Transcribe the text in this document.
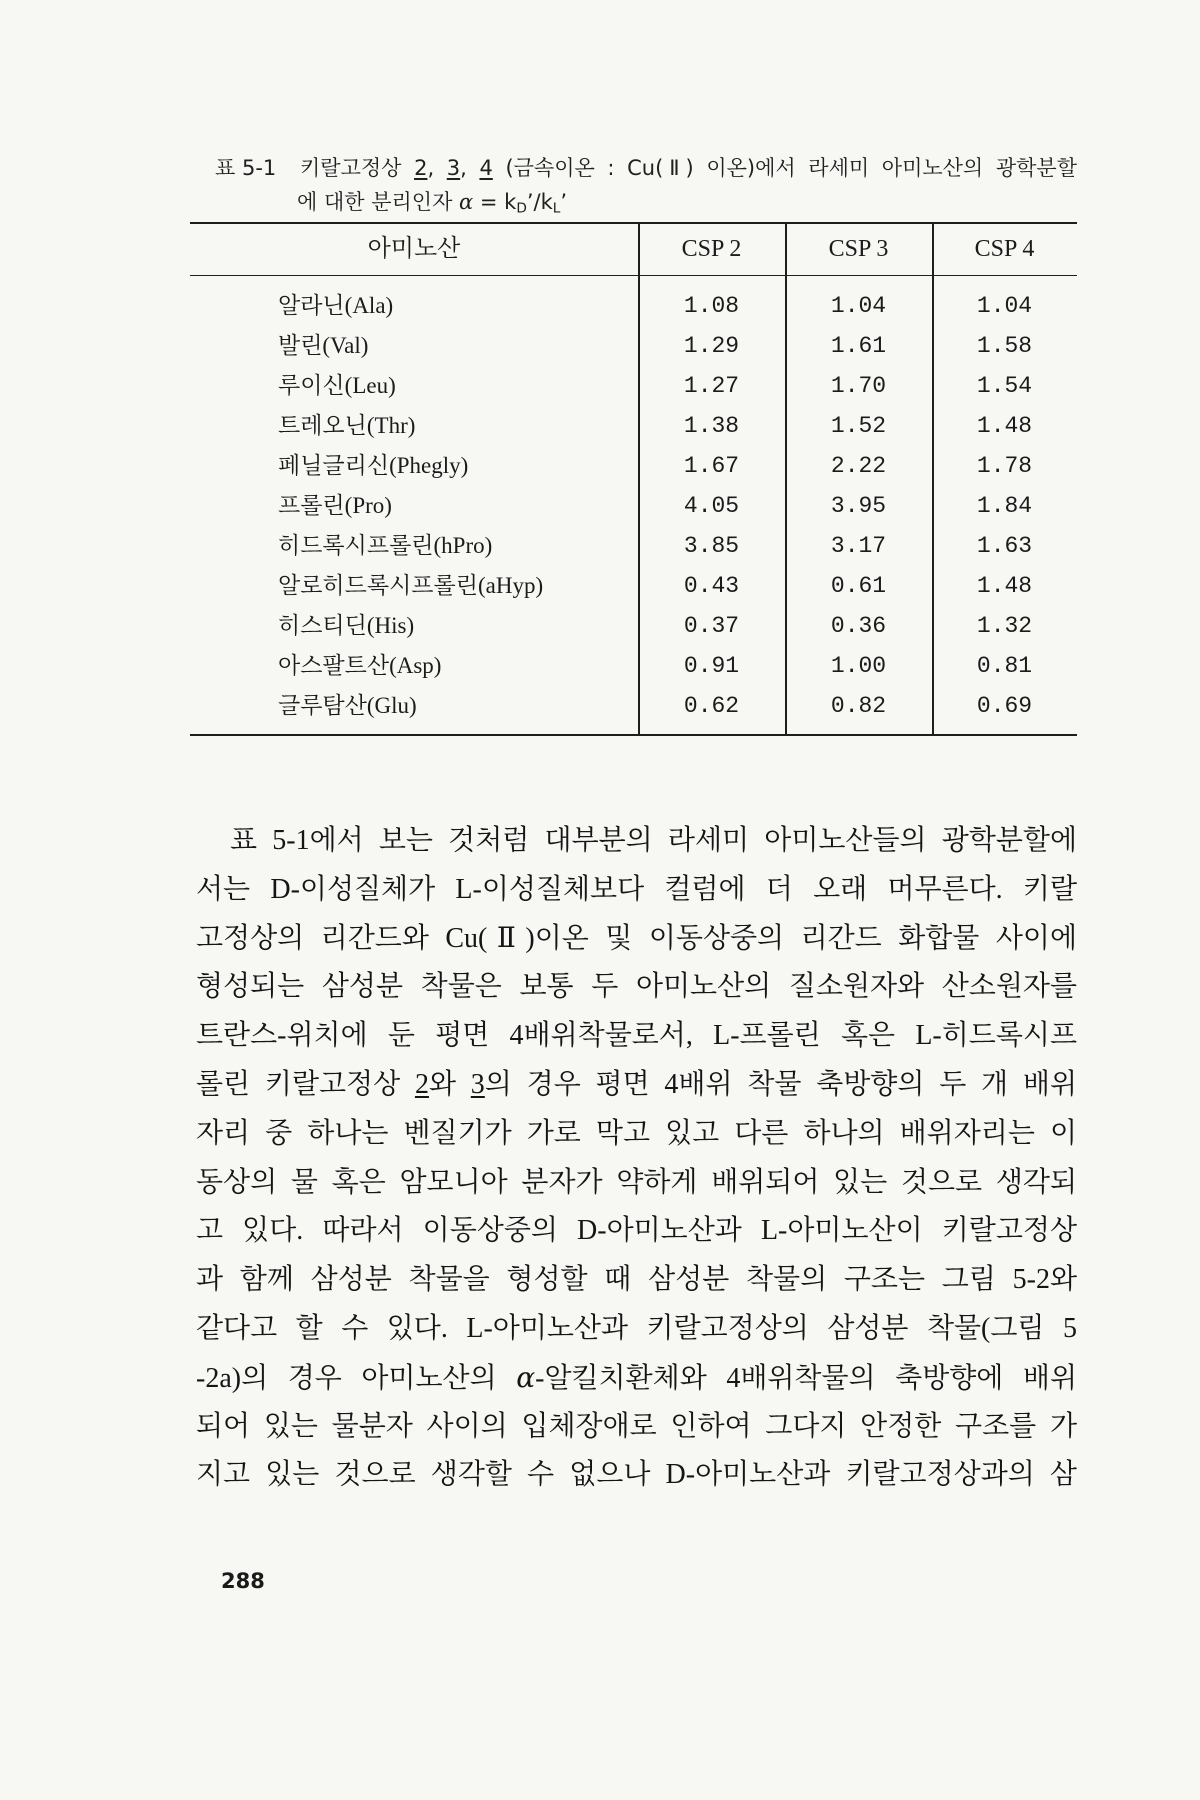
표 5-1 키랄고정상 2, 3, 4 (금속이온 : Cu(Ⅱ) 이온)에서 라세미 아미노산의 광학분할
에 대한 분리인자 $\alpha = k_D’/k_L$’
아미노산	CSP 2	CSP 3	CSP 4
알라닌(Ala)	1.08	1.04	1.04
발린(Val)	1.29	1.61	1.58
루이신(Leu)	1.27	1.70	1.54
트레오닌(Thr)	1.38	1.52	1.48
페닐글리신(Phegly)	1.67	2.22	1.78
프롤린(Pro)	4.05	3.95	1.84
히드록시프롤린(hPro)	3.85	3.17	1.63
알로히드록시프롤린(aHyp)	0.43	0.61	1.48
히스티딘(His)	0.37	0.36	1.32
아스팔트산(Asp)	0.91	1.00	0.81
글루탐산(Glu)	0.62	0.82	0.69
표 5-1에서 보는 것처럼 대부분의 라세미 아미노산들의 광학분할에
서는 D-이성질체가 L-이성질체보다 컬럼에 더 오래 머무른다. 키랄
고정상의 리간드와 Cu(Ⅱ)이온 및 이동상중의 리간드 화합물 사이에
형성되는 삼성분 착물은 보통 두 아미노산의 질소원자와 산소원자를
트란스-위치에 둔 평면 4배위착물로서, L-프롤린 혹은 L-히드록시프
롤린 키랄고정상 2와 3의 경우 평면 4배위 착물 축방향의 두 개 배위
자리 중 하나는 벤질기가 가로 막고 있고 다른 하나의 배위자리는 이
동상의 물 혹은 암모니아 분자가 약하게 배위되어 있는 것으로 생각되
고 있다. 따라서 이동상중의 D-아미노산과 L-아미노산이 키랄고정상
과 함께 삼성분 착물을 형성할 때 삼성분 착물의 구조는 그림 5-2와
같다고 할 수 있다. L-아미노산과 키랄고정상의 삼성분 착물(그림 5
-2a)의 경우 아미노산의 α-알킬치환체와 4배위착물의 축방향에 배위
되어 있는 물분자 사이의 입체장애로 인하여 그다지 안정한 구조를 가
지고 있는 것으로 생각할 수 없으나 D-아미노산과 키랄고정상과의 삼
288
